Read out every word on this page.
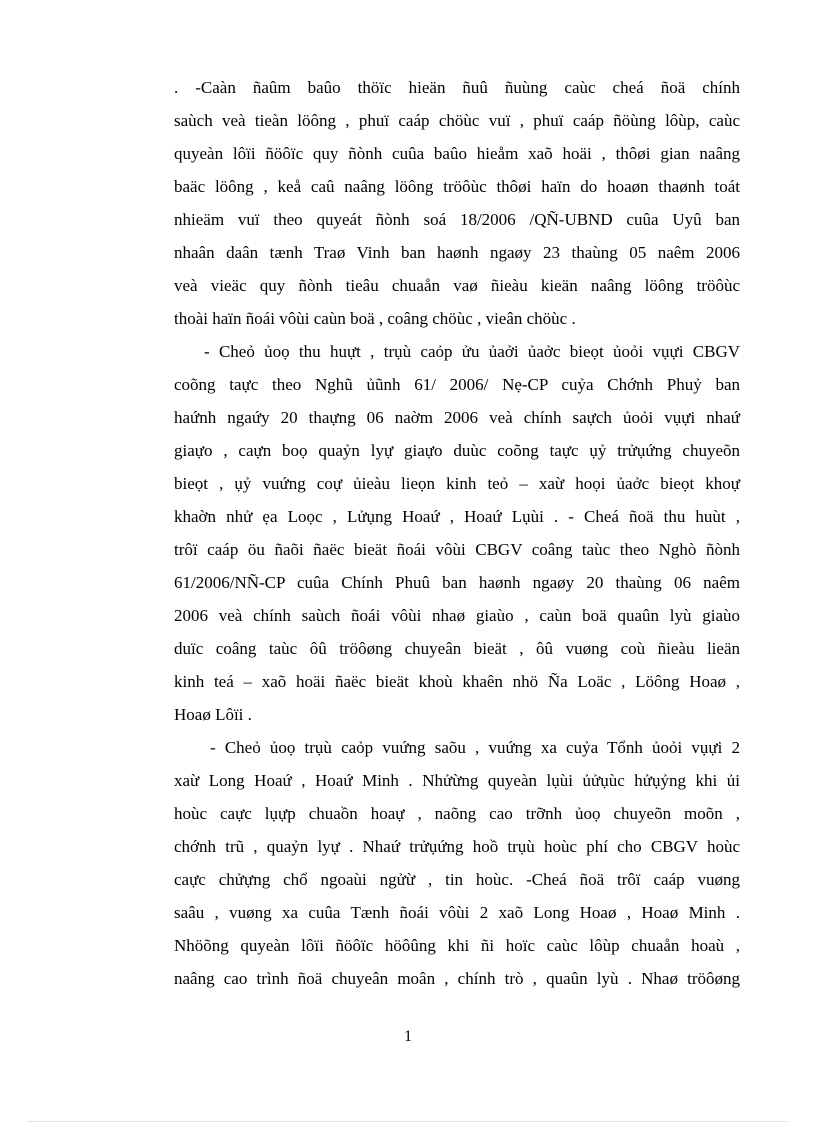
. -Caàn ñaûm baûo thöïc hieän ñuû ñuùng caùc cheá ñoä chính
saùch veà tieàn löông , phuï caáp chöùc vuï , phuï caáp ñöùng lôùp, caùc
quyeàn lôïi ñöôïc quy ñònh cuûa baûo hieåm xaõ hoäi , thôøi gian naâng
baäc löông , keå caû naâng löông tröôùc thôøi haïn do hoaøn thaønh toát
nhieäm vuï theo quyeát ñònh soá 18/2006 /QÑ-UBND cuûa Uyû ban
nhaân daân tænh Traø Vinh ban haønh ngaøy 23 thaùng 05 naêm 2006
veà vieäc quy ñònh tieâu chuaån vaø ñieàu kieän naâng löông tröôùc
thoài haïn ñoái vôùi caùn boä , coâng chöùc , vieân chöùc .
- Cheỏ ủoọ thu huựt , trụù caỏp ửu ủaởi ủaởc bieọt ủoỏi vụựi CBGV
coõng taực theo Nghũ ủũnh 61/ 2006/ Nẹ-CP cuỷa Chớnh Phuỷ ban
haứnh ngaứy 20 thaựng 06 naờm 2006 veà chính saựch ủoỏi vụựi nhaứ
giaựo , caựn boọ quaỷn lyự giaựo duùc coõng taực ụỷ trửụứng chuyeõn
bieọt , ụỷ vuứng coự ủieàu lieọn kinh teỏ – xaừ hoọi ủaởc bieọt khoự
khaờn nhử ẹa Loọc , Lửụng Hoaứ , Hoaứ Lụùi . - Cheá ñoä thu huùt ,
trôï caáp öu ñaõi ñaëc bieät ñoái vôùi CBGV coâng taùc theo Nghò ñònh
61/2006/NÑ-CP cuûa Chính Phuû ban haønh ngaøy 20 thaùng 06 naêm
2006 veà chính saùch ñoái vôùi nhaø giaùo , caùn boä quaûn lyù giaùo
duïc coâng taùc ôû tröôøng chuyeân bieät , ôû vuøng coù ñieàu lieän
kinh teá – xaõ hoäi ñaëc bieät khoù khaên nhö Ña Loäc , Löông Hoaø ,
Hoaø Lôïi .
- Cheỏ ủoọ trụù caỏp vuứng saõu , vuứng xa cuỷa Tổnh ủoỏi vụựi 2
xaừ Long Hoaứ , Hoaứ Minh . Nhửừng quyeàn lụùi ủửụùc hửụỷng khi ủi
hoùc caực lụựp chuaồn hoaự , naõng cao trỡnh ủoọ chuyeõn moõn ,
chớnh trũ , quaỷn lyự . Nhaứ trửụứng hoồ trụù hoùc phí cho CBGV hoùc
caực chửựng chổ ngoaùi ngửừ , tin hoùc. -Cheá ñoä trôï caáp vuøng
saâu , vuøng xa cuûa Tænh ñoái vôùi 2 xaõ Long Hoaø , Hoaø Minh .
Nhöõng quyeàn lôïi ñöôïc höôûng khi ñi hoïc caùc lôùp chuaån hoaù ,
naâng cao trình ñoä chuyeân moân , chính trò , quaûn lyù . Nhaø tröôøng
1
